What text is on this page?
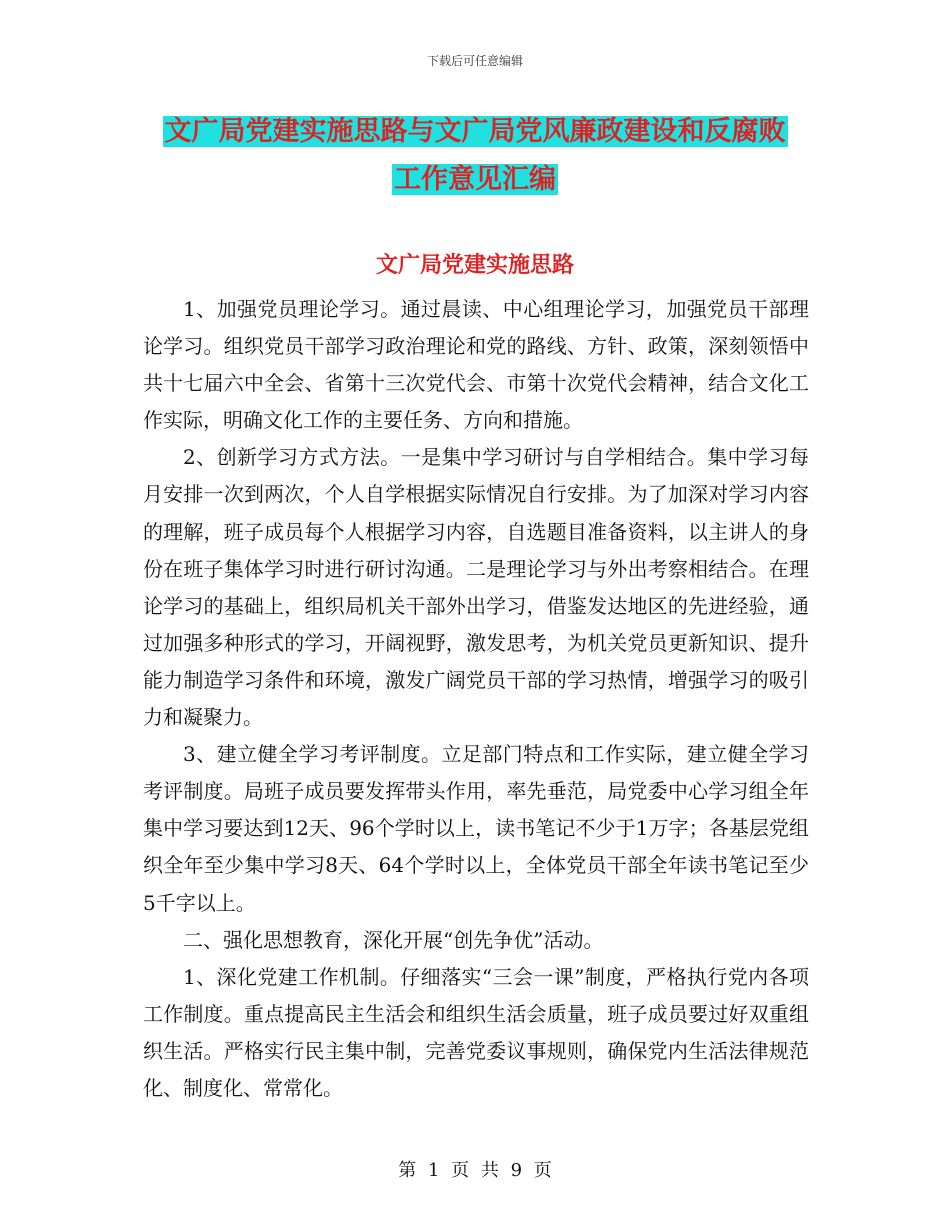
下载后可任意编辑
文广局党建实施思路与文广局党风廉政建设和反腐败
工作意见汇编
文广局党建实施思路

1、加强党员理论学习。通过晨读、中心组理论学习，加强党员干部理论学习。组织党员干部学习政治理论和党的路线、方针、政策，深刻领悟中共十七届六中全会、省第十三次党代会、市第十次党代会精神，结合文化工作实际，明确文化工作的主要任务、方向和措施。

2、创新学习方式方法。一是集中学习研讨与自学相结合。集中学习每月安排一次到两次，个人自学根据实际情况自行安排。为了加深对学习内容的理解，班子成员每个人根据学习内容，自选题目准备资料，以主讲人的身份在班子集体学习时进行研讨沟通。二是理论学习与外出考察相结合。在理论学习的基础上，组织局机关干部外出学习，借鉴发达地区的先进经验，通过加强多种形式的学习，开阔视野，激发思考，为机关党员更新知识、提升能力制造学习条件和环境，激发广阔党员干部的学习热情，增强学习的吸引力和凝聚力。

3、建立健全学习考评制度。立足部门特点和工作实际，建立健全学习考评制度。局班子成员要发挥带头作用，率先垂范，局党委中心学习组全年集中学习要达到12天、96个学时以上，读书笔记不少于1万字；各基层党组织全年至少集中学习8天、64个学时以上，全体党员干部全年读书笔记至少5千字以上。

二、强化思想教育，深化开展“创先争优”活动。

1、深化党建工作机制。仔细落实“三会一课”制度，严格执行党内各项工作制度。重点提高民主生活会和组织生活会质量，班子成员要过好双重组织生活。严格实行民主集中制，完善党委议事规则，确保党内生活法律规范化、制度化、常常化。

第 1 页 共 9 页
